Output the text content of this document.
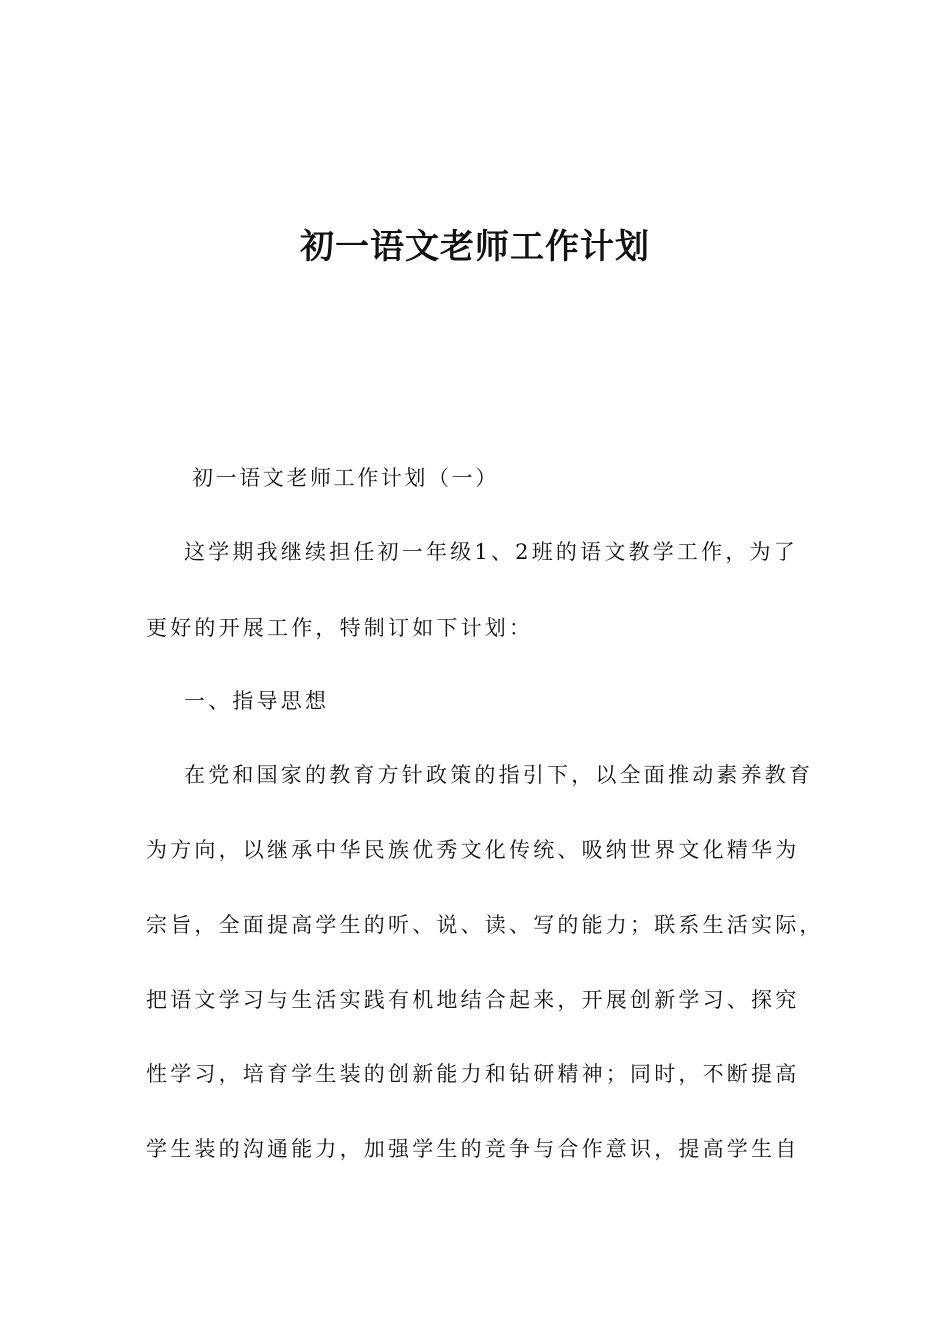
初一语文老师工作计划
初一语文老师工作计划（一）
这学期我继续担任初一年级1、2班的语文教学工作，为了
更好的开展工作，特制订如下计划：
一、指导思想
在党和国家的教育方针政策的指引下，以全面推动素养教育
为方向，以继承中华民族优秀文化传统、吸纳世界文化精华为
宗旨，全面提高学生的听、说、读、写的能力；联系生活实际，
把语文学习与生活实践有机地结合起来，开展创新学习、探究
性学习，培育学生装的创新能力和钻研精神；同时，不断提高
学生装的沟通能力，加强学生的竞争与合作意识，提高学生自
